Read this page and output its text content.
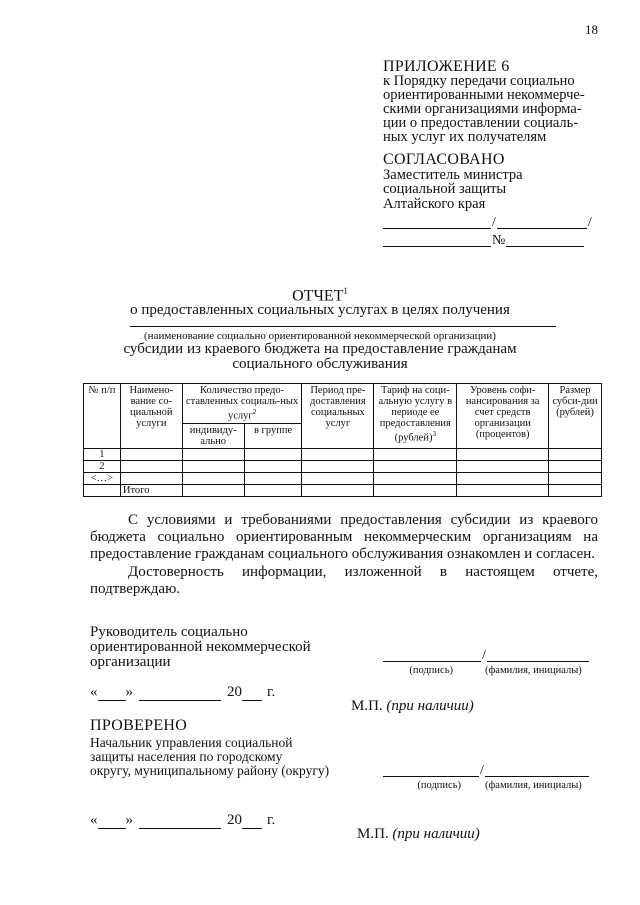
18
ПРИЛОЖЕНИЕ 6
к Порядку передачи социально
ориентированными некоммерче-
скими организациями информа-
ции о предоставлении социаль-
ных услуг их получателям
СОГЛАСОВАНО
Заместитель министра
социальной защиты
Алтайского края
/	/
№
ОТЧЕТ$^1$
о предоставленных социальных услугах в целях получения
(наименование социально ориентированной некоммерческой организации)
субсидии из краевого бюджета на предоставление гражданам
социального обслуживания
№ п/п	Наимено-вание со-циальной услуги	Количество предо-ставленных социаль-ных услуг$^2$		Период пре-доставления социальных услуг	Тариф на соци-альную услугу в периоде ее предоставления (рублей)$^3$	Уровень софи-нансирования за счет средств организации (процентов)	Размер субси-дии (рублей)
		индивиду-ально	в группе				
1							
2							
<…>							
	Итого						
С условиями и требованиями предоставления субсидии из краевого бюджета социально ориентированным некоммерческим организациям на предоставление гражданам социального обслуживания ознакомлен и согласен.
Достоверность информации, изложенной в настоящем отчете, подтверждаю.
Руководитель социально
ориентированной некоммерческой
организации	/
(подпись)	(фамилия, инициалы)
« »	20 г.
М.П. (при наличии)
ПРОВЕРЕНО
Начальник управления социальной
защиты населения по городскому
округу, муниципальному району (округу)	/
(подпись) (фамилия, инициалы)
« »	20 г.
М.П. (при наличии)
